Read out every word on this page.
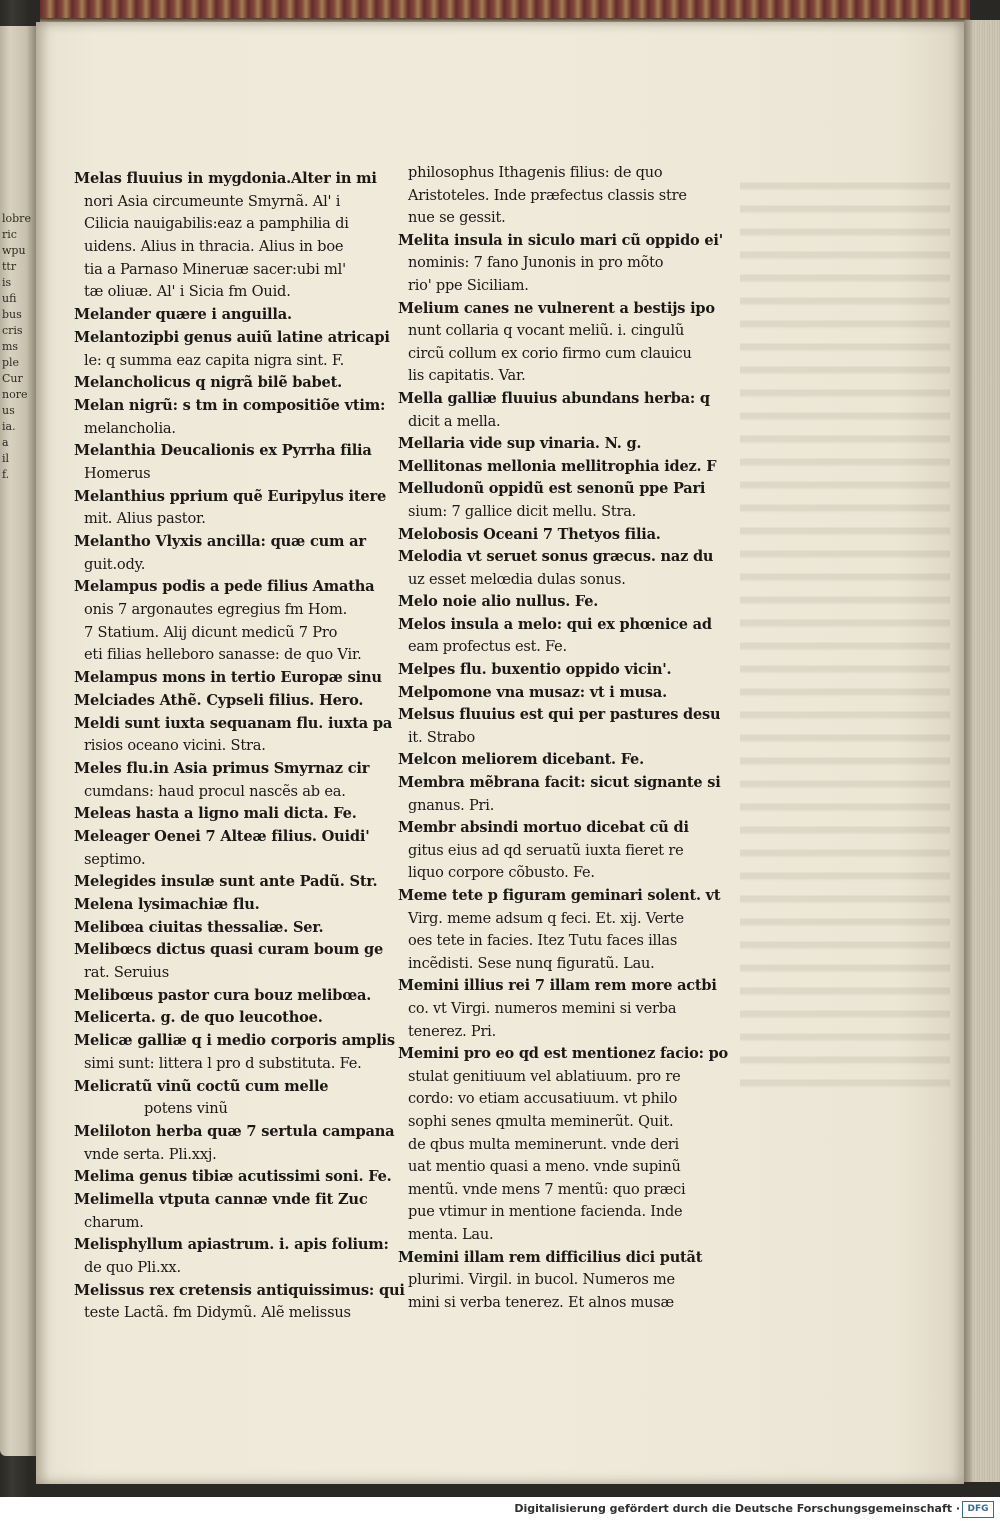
lobre
ric
wpu
ttr
is
ufi
bus
cris
ms
ple
Cur
nore
us
ia.
a
il
f.
Melas fluuius in mygdonia.Alter in mi
nori Asia circumeunte Smyrnã. Al' i
Cilicia nauigabilis:eaz a pamphilia di
uidens. Alius in thracia. Alius in boe
tia a Parnaso Mineruæ sacer:ubi ml'
tæ oliuæ. Al' i Sicia fm Ouid.
Melander quære i anguilla.
Melantozipbi genus auiũ latine atricapi
le: q summa eaz capita nigra sint. F.
Melancholicus q nigrã bilẽ babet.
Melan nigrũ: s tm in compositiõe vtim:
melancholia.
Melanthia Deucalionis ex Pyrrha filia
Homerus
Melanthius pprium quẽ Euripylus itere
mit. Alius pastor.
Melantho Vlyxis ancilla: quæ cum ar
guit.ody.
Melampus podis a pede filius Amatha
onis 7 argonautes egregius fm Hom.
7 Statium. Alij dicunt medicũ 7 Pro
eti filias helleboro sanasse: de quo Vir.
Melampus mons in tertio Europæ sinu
Melciades Athẽ. Cypseli filius. Hero.
Meldi sunt iuxta sequanam flu. iuxta pa
risios oceano vicini. Stra.
Meles flu.in Asia primus Smyrnaz cir
cumdans: haud procul nascẽs ab ea.
Meleas hasta a ligno mali dicta. Fe.
Meleager Oenei 7 Alteæ filius. Ouidi'
septimo.
Melegides insulæ sunt ante Padũ. Str.
Melena lysimachiæ flu.
Melibœa ciuitas thessaliæ. Ser.
Melibœcs dictus quasi curam boum ge
rat. Seruius
Melibœus pastor cura bouz melibœa.
Melicerta. g. de quo leucothoe.
Melicæ galliæ q i medio corporis amplis
simi sunt: littera l pro d substituta. Fe.
Melicratũ vinũ coctũ cum melle
potens vinũ
Meliloton herba quæ 7 sertula campana
vnde serta. Pli.xxj.
Melima genus tibiæ acutissimi soni. Fe.
Melimella vtputa cannæ vnde fit Zuc
charum.
Melisphyllum apiastrum. i. apis folium:
de quo Pli.xx.
Melissus rex cretensis antiquissimus: qui
teste Lactã. fm Didymũ. Alẽ melissus
philosophus Ithagenis filius: de quo
Aristoteles. Inde præfectus classis stre
nue se gessit.
Melita insula in siculo mari cũ oppido ei'
nominis: 7 fano Junonis in pro mõto
rio' ppe Siciliam.
Melium canes ne vulnerent a bestijs ipo
nunt collaria q vocant meliũ. i. cingulũ
circũ collum ex corio firmo cum clauicu
lis capitatis. Var.
Mella galliæ fluuius abundans herba: q
dicit a mella.
Mellaria vide sup vinaria. N. g.
Mellitonas mellonia mellitrophia idez. F
Melludonũ oppidũ est senonũ ppe Pari
sium: 7 gallice dicit mellu. Stra.
Melobosis Oceani 7 Thetyos filia.
Melodia vt seruet sonus græcus. naz du
uz esset melœdia dulas sonus.
Melo noie alio nullus. Fe.
Melos insula a melo: qui ex phœnice ad
eam profectus est. Fe.
Melpes flu. buxentio oppido vicin'.
Melpomone vna musaz: vt i musa.
Melsus fluuius est qui per pastures desu
it. Strabo
Melcon meliorem dicebant. Fe.
Membra mẽbrana facit: sicut signante si
gnanus. Pri.
Membr absindi mortuo dicebat cũ di
gitus eius ad qd seruatũ iuxta fieret re
liquo corpore cõbusto. Fe.
Meme tete p figuram geminari solent. vt
Virg. meme adsum q feci. Et. xij. Verte
oes tete in facies. Itez Tutu faces illas
incẽdisti. Sese nunq figuratũ. Lau.
Memini illius rei 7 illam rem more actbi
co. vt Virgi. numeros memini si verba
tenerez. Pri.
Memini pro eo qd est mentionez facio: po
stulat genitiuum vel ablatiuum. pro re
cordo: vo etiam accusatiuum. vt philo
sophi senes qmulta meminerũt. Quit.
de qbus multa meminerunt. vnde deri
uat mentio quasi a meno. vnde supinũ
mentũ. vnde mens 7 mentũ: quo præci
pue vtimur in mentione facienda. Inde
menta. Lau.
Memini illam rem difficilius dici putãt
plurimi. Virgil. in bucol. Numeros me
mini si verba tenerez. Et alnos musæ
Digitalisierung gefördert durch die Deutsche Forschungsgemeinschaft · DFG
